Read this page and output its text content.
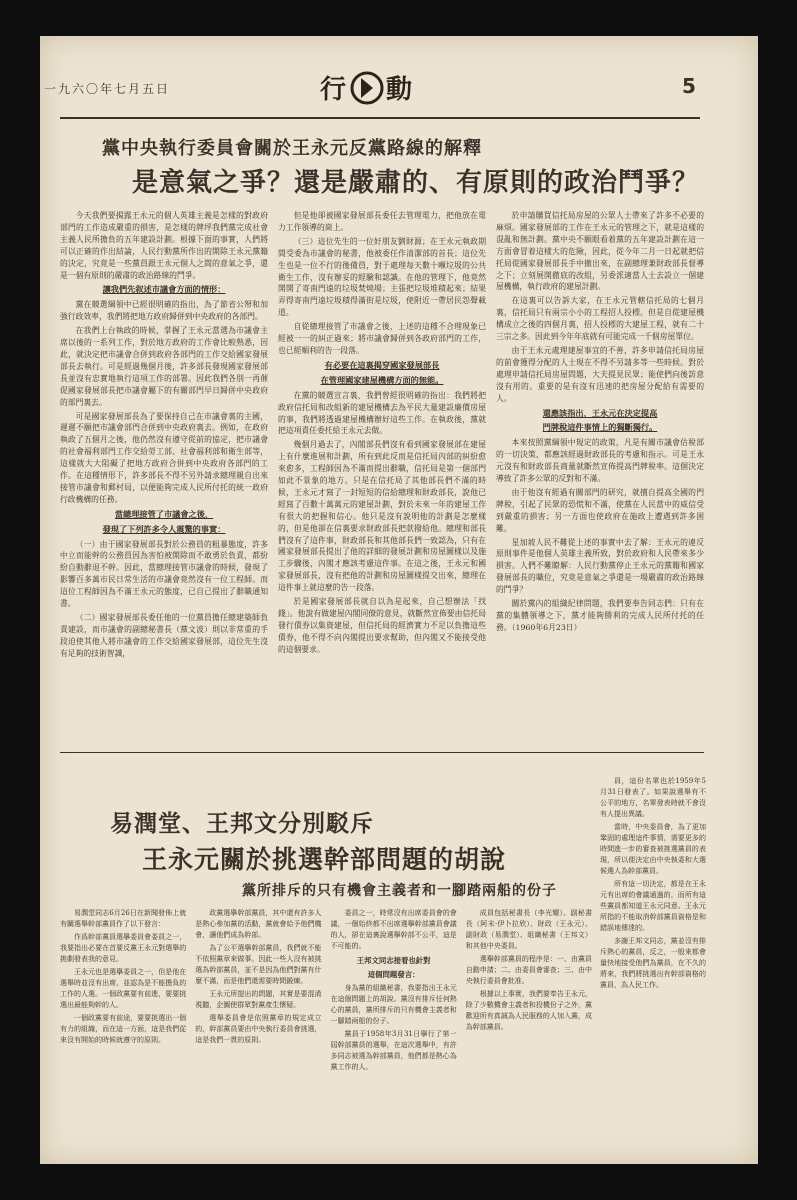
一九六〇年七月五日	行 動	5
黨中央執行委員會關於王永元反黨路線的解釋
是意氣之爭？還是嚴肅的、有原則的政治鬥爭？

今天我們要揭露王永元的個人英雄主義是怎樣的對政府部門的工作造成嚴重的損害，是怎樣的牌坪我們黨完成社會主義人民所擔負的五年建設計劃。根據下面的事實，人們將可以正確的作出結論，人民行動黨所作出的開除王永元黨籍的決定，究竟是一些黨員跟王永元個人之間的意氣之爭，還是一個有原則的嚴肅的政治路線的鬥爭。

讓我們先叙述市議會方面的情形：

黨在競選綱領中已經很明確的指出，為了節省公帑和加強行政效率，我們將把地方政府歸併到中央政府的各部門。

在我們上台執政的時候，掌握了王永元當選為市議會主席以後的一系列工作，對於地方政府的工作會比較熟悉，因此，就決定把市議會合併到政府各部門的工作交給國家發展部長去執行。可是經過幾個月後，許多部長發現國家發展部長並沒有忠實地執行這項工作的部署。因此我們各別一再催促國家發展部長把市議會屬下的有關部門早日歸併中央政府的部門裏去。

可是國家發展部長為了要保持自己在市議會裏的主國，遲遲不願把市議會部門合併到中央政府裏去。例如，在政府執政了五個月之後，他仍然沒有遵守從前的協定，把市議會的社會福利部門工作交給勞工部、社會福利部和衛生部等，這樣就大大阻礙了把地方政府合併到中央政府各部門的工作。在這種情形下，許多部長不得不另外請求總理親自出來接管市議會和郵村局，以便能夠完成人民所付托的統一政府行政機構的任務。

當總理接管了市議會之後，
發現了下列許多令人震驚的事實：

（一）由于國家發展部長對於公務員的粗暴態度，許多中立而能幹的公務員因為害怕被開除而不敢勇於負責，都紛紛自動辭退不幹。因此，當總理接管市議會的時候，發現了影響百多萬市民日常生活的市議會竟然沒有一位工程師。而這位工程師因為不滿王永元的態度，已自己提出了辭職通知書。

（二）國家發展部長委任他的一位黨員擔任總建築師負責建設，而市議會的副總秘書長（黨文波）則以非常重的手段迫使其他人將市議會的工作交給國家發展部，這位先生沒有足夠的技術智識，

但是他卻被國家發展部長委任去管理電力，把他放在電力工作領導的崗上。

（三）這位先生的一位好朋友劉財源；在王永元執政期間受委為市議會的秘書，他被委任作清潔部的首長；這位先生也是一位不行的後備員，對于處理每天數十噸垃圾的公共衛生工作，沒有辦妥的經驗和認識。在他的管理下，他竟然開開了寄南門遠的垃圾焚燒場；主張把垃圾堆積起來；結果弄得寄南門遠垃圾積得滿街是垃圾，使附近一帶居民怨聲載道。

自從總理接管了市議會之後，上述的這種不合理現象已經被一一的糾正過來；將市議會歸併到各政府部門的工作，也已經順利的告一段落。

有必要在這裏揭穿國家發展部長
在管理國家建屋機構方面的無能。

在黨的競選宣言裏，我們曾經很明確的指出：我們將把政府信托局和改組新的建屋機構去為平民大量建設廉價房屋的事，我們將透過建屋機構辦好這些工作。在執政後，黨就把這項責任委托給王永元去做。

幾個月過去了，內閣部長們沒有看到國家發展部在建屋上有什麼進展和計劃，所有到此反而是信托局內部的糾紛愈來愈多，工程師因為不滿而提出辭職，信托局是第一個部門如此不景象的地方。只是在信托局了其他部長們不滿的時候，王永元才寫了一封短短的信給總理和財政部長，說他已經寫了百數十萬萬元的建屋計劃，對於未來一年的建屋工作有很大的把握和信心。他只是沒有說明他的計劃是怎麼樣的，但是他卻在信裏要求財政部長把款撥給他。總理和部長們沒有了這件事，財政部長和其他部長們一致認為，只有在國家發展部長提出了他的詳細的發展計劃和房屋圖樣以及施工步驟後，內閣才應該考慮這件事。在這之後，王永元和國家發展部長，沒有把他的計劃和房屋圖樣提交出來，總理在這件事上就這麼的告一段落。

於是國家發展部長就自以為是起來，自己想辦法「找錢」。他說有做建屋內閣同僚的意見，就斷然宣佈要由信托局發行債券以集資建屋，但信托局的經濟實力不足以負擔這些債券，他不得不向內閣提出要求幫助，但內閣又不能接受他的這個要求。

於申請購買信托局房屋的公眾人士帶來了許多不必要的麻煩。國家發展部的工作在王永元的管理之下，就是這樣的混亂和無計劃。黨中央不願眼看着黨的五年建設計劃在這一方面會冒着這樣大的危險，因此，從今年二月一日起就把信托局從國家發展部長手中撤出來，在副總理兼財政部長督導之下；立刻展開徹底的改組，另委派適當人士去設立一個建屋機構，執行政府的建屋計劃。

在這裏可以告訴大家，在王永元管轄信托局的七個月裏，信托局只有兩宗小小的工程招人投標。但是自從建屋機構成立之後的四個月裏，招人投標的大建屋工程，就有二十三宗之多。因此到今年年底就有可能完成一千個房屋單位。

由于王永元處理建屋事宜的不善，許多申請信托局房屋的前會獲得分配的人士現在不得不另請多等一些時候。對於處理申請信托局房屋問題，大夫提見民眾；能使們向後訪意沒有用的。重要的是有沒有迅速的把房屋分配給有需要的人。

還應該指出，王永元在決定提高
門牌稅這件事情上的獨斷獨行。

本來按照黨綱領中規定的政策，凡是有關市議會估稅部的一切決策，都應該經過財政部長的考慮和指示。可是王永元沒有和財政部長商量就斷然宣佈提高門牌稅率。這個決定導致了許多公眾的反對和不滿。

由于他沒有經過有關部門的研究，就擅自提高全國的門牌稅，引起了民眾的恐慌和不滿，使黨在人民當中的威信受到嚴重的損害；另一方面也使政府在施政上遭遇到許多困難。

星加坡人民不難從上述的事實中去了解：王永元的違反原則事件是他個人英雄主義所致，對於政府和人民帶來多少損害。人們不難瞭解：人民行動黨停止王永元的黨籍和國家發展部長的職位，究竟是意氣之爭還是一場嚴肅的政治路線的鬥爭？

關於黨內的組織紀律問題，我們要奉告同志們：只有在黨的集體領導之下，黨才能夠勝利的完成人民所付托的任務。（1960年6月23日）

易潤堂、王邦文分別駁斥
王永元關於挑選幹部問題的胡說
黨所排斥的只有機會主義者和一腳踏兩船的份子

員，這份名單也於1959年5月31日發表了。如果說選舉有不公平的地方，名單發表時就不會沒有人提出異議。

當時，中央委員會，為了更加鞏固的處理這件事情，需要更多的時間進一步的審查被挑選黨員的表現，所以便決定由中央執委和大選候選人為幹部黨員。

所有這一切決定，都是在王永元有出席的會議通過的，而所有這些黨員都知道王永元同意。王永元所指的不能取消幹部黨員資格是和錯誤地傳達的。

多謝王邦文同志，黨並沒有排斥熱心的黨員，反之，一般來都會量快地接受他們為黨員，在不久的將來，我們將挑選出有幹部資格的黨員，為人民工作。

易潤堂同志6月26日在新聞發佈上就有關選舉幹部黨員作了以下發言：

作爲幹部黨員選擧委員會委員之一，我要指出必要在首要反黨王永元對選舉的挑劇發表我的意見。

王永元也是選擧委員之一，但是他在選舉時並沒有出席，並認為是不能擔負的工作的人選。一個政黨要有前進，要要挑選出最能夠幹的人。

一個政黨要有前途，要要挑選出一個有力的組織，而在這一方面，這是我們從來沒有開始的時候就遵守的原則。

政黨選擧幹部黨員，其中還有許多人是熱心參加黨的活動，黨就會給予他們機會，讓他們成為幹部。

為了公平選擧幹部黨員，我們就不能不依照黨章來做事。因此一些人沒有被挑選為幹部黨員，並不是因為他們對黨有什麼不滿，而是他們還需要時間鍛煉。

王永元所提出的問題，其實是要混淆視聽，企圖使群眾對黨產生懷疑。

選舉委員會是依照黨章的規定成立的，幹部黨員要由中央執行委員會挑選，這是我們一貫的原則。

委員之一，時常沒有出席委員會的會議，一個始終都不出席選擧幹部黨員會議的人，卻在這裏說選擧幹部不公平，這是不可能的。

王邦文同志接着也針對
這個問題發言：

身為黨的組織秘書，我要指出王永元在這個問題上的胡說。黨沒有排斥任何熱心的黨員，黨所排斥的只有機會主義者和一腳踏兩船的份子。

黨員于1958年3月31日擧行了第一屆幹部黨員的選舉，在這次選舉中，有許多同志被選為幹部黨員，他們都是熱心為黨工作的人。

成員包括秘書長（李光耀）、副秘書長（阿末·伊卜拉欣）、財政（王永元）、副財政（易潤堂）、組織秘書（王邦文）和其他中央委員。

選擧幹部黨員的程序是：一、由黨員自動申請；二、由委員會審查；三、由中央執行委員會批准。

根據以上事實，我們要奉告王永元，除了少數機會主義者和投機份子之外，黨歡迎所有真誠為人民服務的人加入黨，成為幹部黨員。
